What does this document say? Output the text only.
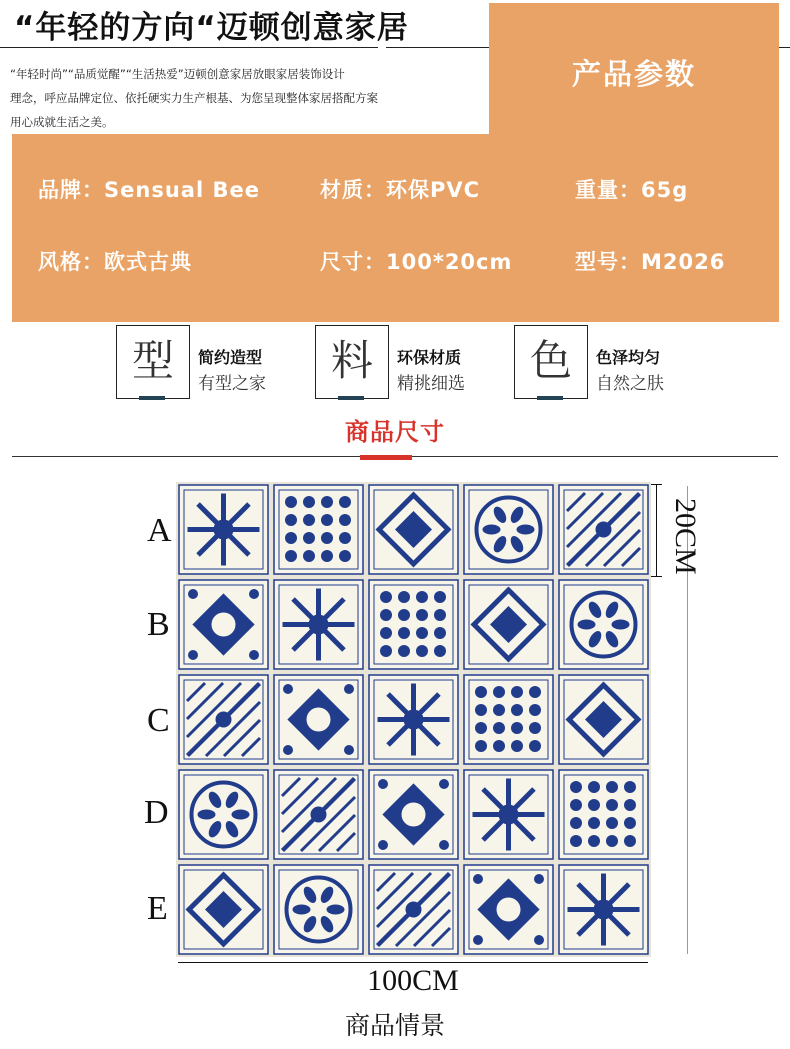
“年轻的方向“迈顿创意家居
产品参数
“年轻时尚”“品质觉醒”“生活热爱”迈顿创意家居放眼家居装饰设计
理念，呼应品牌定位、依托硬实力生产根基、为您呈现整体家居搭配方案
用心成就生活之美。
品牌：Sensual Bee	材质：环保PVC	重量：65g
风格：欧式古典	尺寸：100*20cm	型号：M2026
型	简约造型
有型之家	料	环保材质
精挑细选	色	色泽均匀
自然之肤
商品尺寸
A
B
C
D
E
20CM
100CM
商品情景
